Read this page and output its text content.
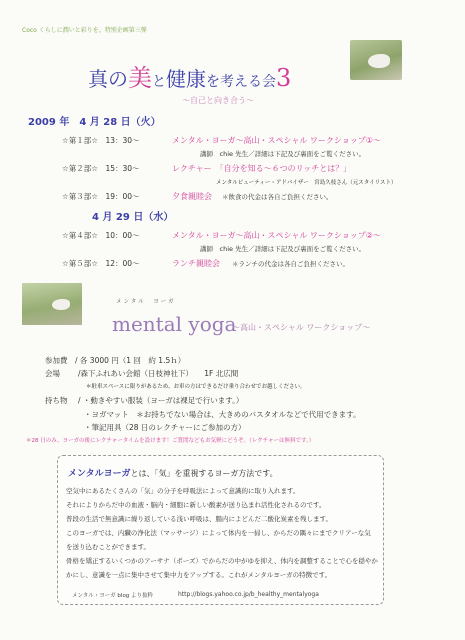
Coco くらしに潤いと彩りを。特別企画第三弾
真の美と健康を考える会3
～自己と向き合う～
2009 年　4 月 28 日（火）
☆第１部☆　13：30～	メンタル・ヨーガ～高山・スペシャル ワークショップ①～
講師　chie 先生／詳細は下記及び裏面をご覧ください。
☆第２部☆　15：30～	レクチャー　「自分を知る～６つのリッチとは？」
メンタルビューティー・アドバイザー　宮島久枝さん（元スタイリスト）
☆第３部☆　19：00～	夕食親睦会 ＊飲食の代金は各自ご負担ください。
4 月 29 日（水）
☆第４部☆　10：00～	メンタル・ヨーガ～高山・スペシャル ワークショップ②～
講師　chie 先生／詳細は下記及び裏面をご覧ください。
☆第５部☆　12：00～	ランチ親睦会 ＊ランチの代金は各自ご負担ください。
メンタル　ヨーガ
mental yoga
～高山・スペシャル ワークショップ～
参加費　/ 各 3000 円（1 回　約 1.5ｈ）
会場 /森下ふれあい会館（日枝神社下）　　1F 北広間
＊駐車スペースに限りがあるため、お車の方はできるだけ乗り合わせでお越しください。
持ち物 / ・動きやすい服装（ヨーガは裸足で行います。）
・ヨガマット　＊お持ちでない場合は、大きめのバスタオルなどで代用できます。
・筆記用具（28 日のレクチャーにご参加の方）
＊28 日のみ、ヨーガの後にレクチャータイムを設けます！ご質問などもお気軽にどうぞ。（レクチャーは無料です。）
メンタルヨーガとは、「気」を重視するヨーガ方法です。
空気中にあるたくさんの「気」の分子を呼吸法によって意識的に取り入れます。
それによりからだ中の血液・脳内・細胞に新しい酸素が送り込まれ活性化されるのです。
普段の生活で無意識に繰り返している浅い呼吸は、腸内によどんだ二酸化炭素を残します。
このヨーガでは、内臓の浄化法（マッサージ）によって体内を一掃し、からだの隅々にまでクリアーな気
を送り込むことができます。
骨格を矯正するいくつかのアーサナ（ポーズ）でからだの中がゆを抑え、体内を調整することで心を穏やか
かにし、意識を一点に集中させて集中力をアップする。これがメンタルヨーガの特徴です。
メンタル・ヨーガ blog より抜粋	http://blogs.yahoo.co.jp/b_healthy_mentalyoga
